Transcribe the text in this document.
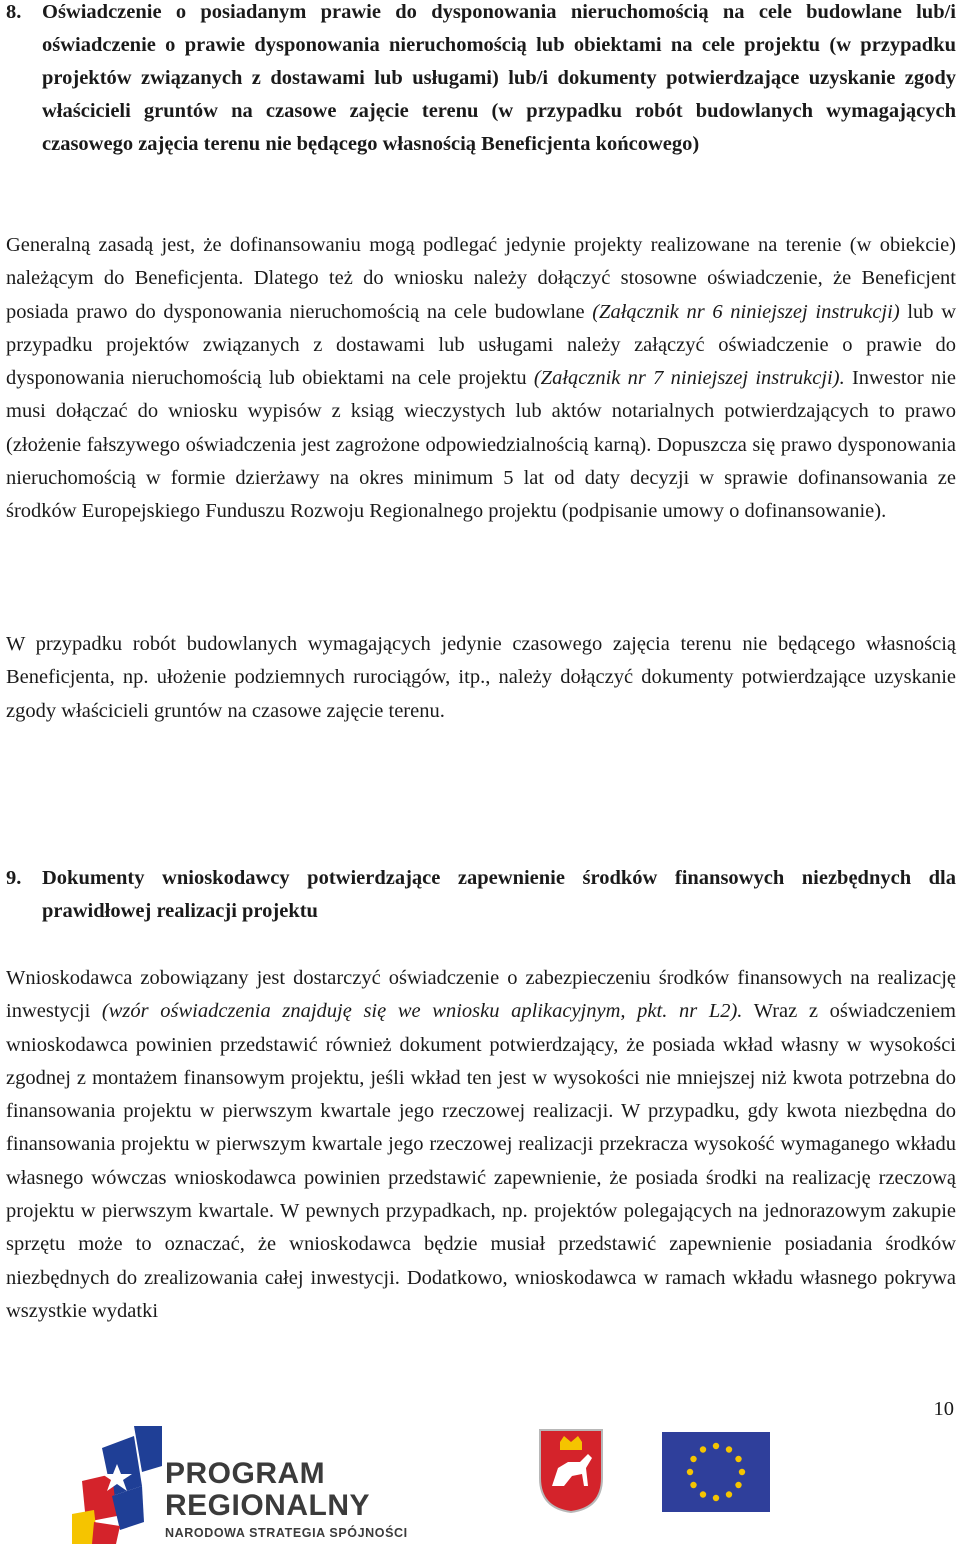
8. Oświadczenie o posiadanym prawie do dysponowania nieruchomością na cele budowlane lub/i oświadczenie o prawie dysponowania nieruchomością lub obiektami na cele projektu (w przypadku projektów związanych z dostawami lub usługami) lub/i dokumenty potwierdzające uzyskanie zgody właścicieli gruntów na czasowe zajęcie terenu (w przypadku robót budowlanych wymagających czasowego zajęcia terenu nie będącego własnością Beneficjenta końcowego)
Generalną zasadą jest, że dofinansowaniu mogą podlegać jedynie projekty realizowane na terenie (w obiekcie) należącym do Beneficjenta. Dlatego też do wniosku należy dołączyć stosowne oświadczenie, że Beneficjent posiada prawo do dysponowania nieruchomością na cele budowlane (Załącznik nr 6 niniejszej instrukcji) lub w przypadku projektów związanych z dostawami lub usługami należy załączyć oświadczenie o prawie do dysponowania nieruchomością lub obiektami na cele projektu (Załącznik nr 7 niniejszej instrukcji). Inwestor nie musi dołączać do wniosku wypisów z ksiąg wieczystych lub aktów notarialnych potwierdzających to prawo (złożenie fałszywego oświadczenia jest zagrożone odpowiedzialnością karną). Dopuszcza się prawo dysponowania nieruchomością w formie dzierżawy na okres minimum 5 lat od daty decyzji w sprawie dofinansowania ze środków Europejskiego Funduszu Rozwoju Regionalnego projektu (podpisanie umowy o dofinansowanie).
W przypadku robót budowlanych wymagających jedynie czasowego zajęcia terenu nie będącego własnością Beneficjenta, np. ułożenie podziemnych rurociągów, itp., należy dołączyć dokumenty potwierdzające uzyskanie zgody właścicieli gruntów na czasowe zajęcie terenu.
9. Dokumenty wnioskodawcy potwierdzające zapewnienie środków finansowych niezbędnych dla prawidłowej realizacji projektu
Wnioskodawca zobowiązany jest dostarczyć oświadczenie o zabezpieczeniu środków finansowych na realizację inwestycji (wzór oświadczenia znajduję się we wniosku aplikacyjnym, pkt. nr L2). Wraz z oświadczeniem wnioskodawca powinien przedstawić również dokument potwierdzający, że posiada wkład własny w wysokości zgodnej z montażem finansowym projektu, jeśli wkład ten jest w wysokości nie mniejszej niż kwota potrzebna do finansowania projektu w pierwszym kwartale jego rzeczowej realizacji. W przypadku, gdy kwota niezbędna do finansowania projektu w pierwszym kwartale jego rzeczowej realizacji przekracza wysokość wymaganego wkładu własnego wówczas wnioskodawca powinien przedstawić zapewnienie, że posiada środki na realizację rzeczową projektu w pierwszym kwartale. W pewnych przypadkach, np. projektów polegających na jednorazowym zakupie sprzętu może to oznaczać, że wnioskodawca będzie musiał przedstawić zapewnienie posiadania środków niezbędnych do zrealizowania całej inwestycji. Dodatkowo, wnioskodawca w ramach wkładu własnego pokrywa wszystkie wydatki
10
PROGRAM REGIONALNY
NARODOWA STRATEGIA SPÓJNOŚCI
